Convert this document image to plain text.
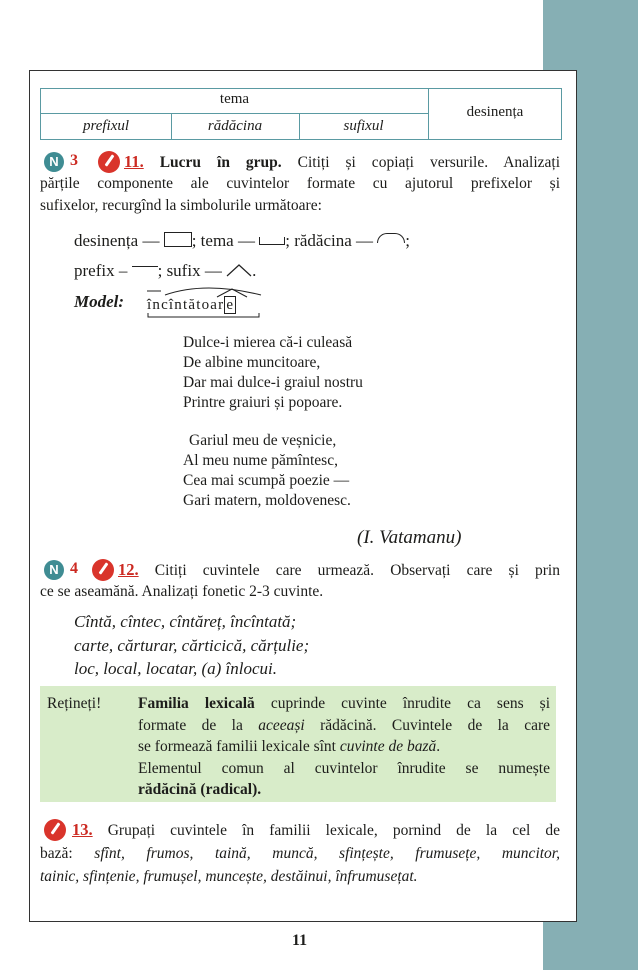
tema
prefixul	rădăcina	sufixul
desinența
N 3	11. Lucru în grup. Citiți și copiați versurile. Analizați
părțile componente ale cuvintelor formate cu ajutorul prefixelor și
sufixelor, recurgînd la simbolurile următoare:
desinența — ; tema — ; rădăcina — ;
prefix – ; sufix — .
Model: încîntătoar e
Dulce-i mierea că-i culeasă
De albine muncitoare,
Dar mai dulce-i graiul nostru
Printre graiuri și popoare.
Gariul meu de veșnicie,
Al meu nume pămîntesc,
Cea mai scumpă poezie —
Gari matern, moldovenesc.
(I. Vatamanu)
N 4 12. Citiți cuvintele care urmează. Observați care și prin
ce se aseamănă. Analizați fonetic 2-3 cuvinte.
Cîntă, cîntec, cîntăreț, încîntată;
carte, cărturar, cărticică, cărțulie;
loc, local, locatar, (a) înlocui.
Rețineți! Familia lexicală cuprinde cuvinte înrudite ca sens și
formate de la aceeași rădăcină. Cuvintele de la care
se formează familii lexicale sînt cuvinte de bază.
Elementul comun al cuvintelor înrudite se numește
rădăcină (radical).
13. Grupați cuvintele în familii lexicale, pornind de la cel de
bază: sfînt, frumos, taină, muncă, sfințește, frumusețe, muncitor,
tainic, sfințenie, frumușel, muncește, destăinui, înfrumusețat.
11
